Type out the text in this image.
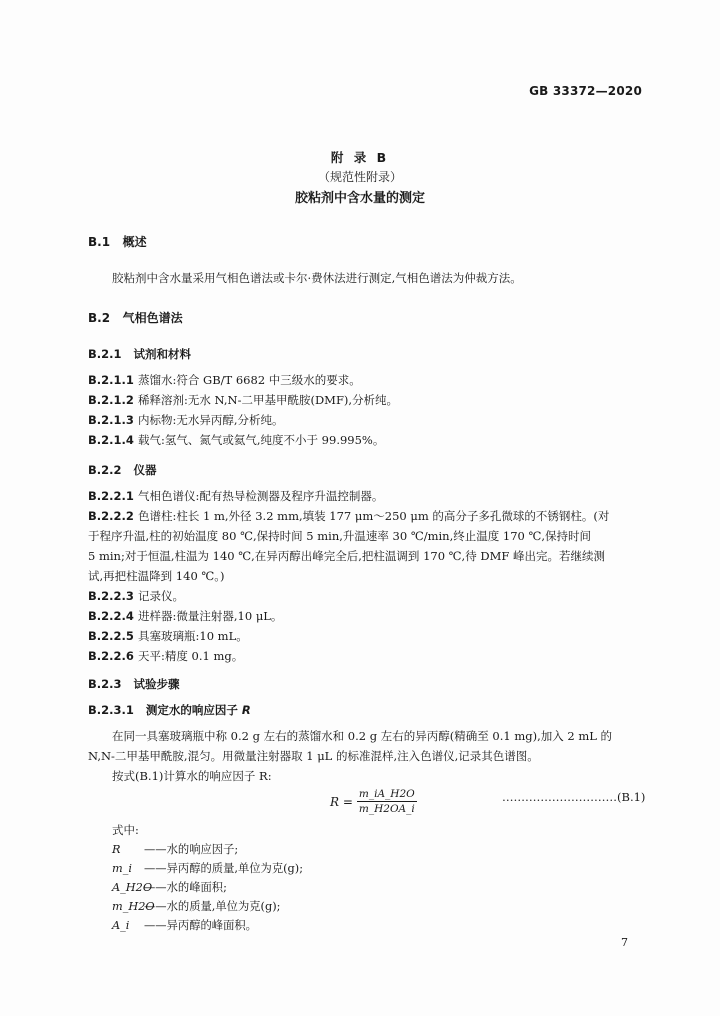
GB 33372—2020
附 录 B
（规范性附录）
胶粘剂中含水量的测定
B.1 概述
胶粘剂中含水量采用气相色谱法或卡尔·费休法进行测定,气相色谱法为仲裁方法。
B.2 气相色谱法
B.2.1 试剂和材料
B.2.1.1 蒸馏水:符合 GB/T 6682 中三级水的要求。
B.2.1.2 稀释溶剂:无水 N,N-二甲基甲酰胺(DMF),分析纯。
B.2.1.3 内标物:无水异丙醇,分析纯。
B.2.1.4 载气:氢气、氮气或氦气,纯度不小于 99.995%。
B.2.2 仪器
B.2.2.1 气相色谱仪:配有热导检测器及程序升温控制器。
B.2.2.2 色谱柱:柱长 1 m,外径 3.2 mm,填装 177 μm～250 μm 的高分子多孔微球的不锈钢柱。(对
于程序升温,柱的初始温度 80 ℃,保持时间 5 min,升温速率 30 ℃/min,终止温度 170 ℃,保持时间
5 min;对于恒温,柱温为 140 ℃,在异丙醇出峰完全后,把柱温调到 170 ℃,待 DMF 峰出完。若继续测
试,再把柱温降到 140 ℃。)
B.2.2.3 记录仪。
B.2.2.4 进样器:微量注射器,10 μL。
B.2.2.5 具塞玻璃瓶:10 mL。
B.2.2.6 天平:精度 0.1 mg。
B.2.3 试验步骤
B.2.3.1 测定水的响应因子 R
在同一具塞玻璃瓶中称 0.2 g 左右的蒸馏水和 0.2 g 左右的异丙醇(精确至 0.1 mg),加入 2 mL 的
N,N-二甲基甲酰胺,混匀。用微量注射器取 1 μL 的标准混样,注入色谱仪,记录其色谱图。
按式(B.1)计算水的响应因子 R:
$R = \frac{m\_iA\_H2O}{m\_H2OA\_i}$	…………………………(B.1)
式中:
R ——水的响应因子;
m_i ——异丙醇的质量,单位为克(g);
A_H2O——水的峰面积;
m_H2O——水的质量,单位为克(g);
A_i ——异丙醇的峰面积。
7
